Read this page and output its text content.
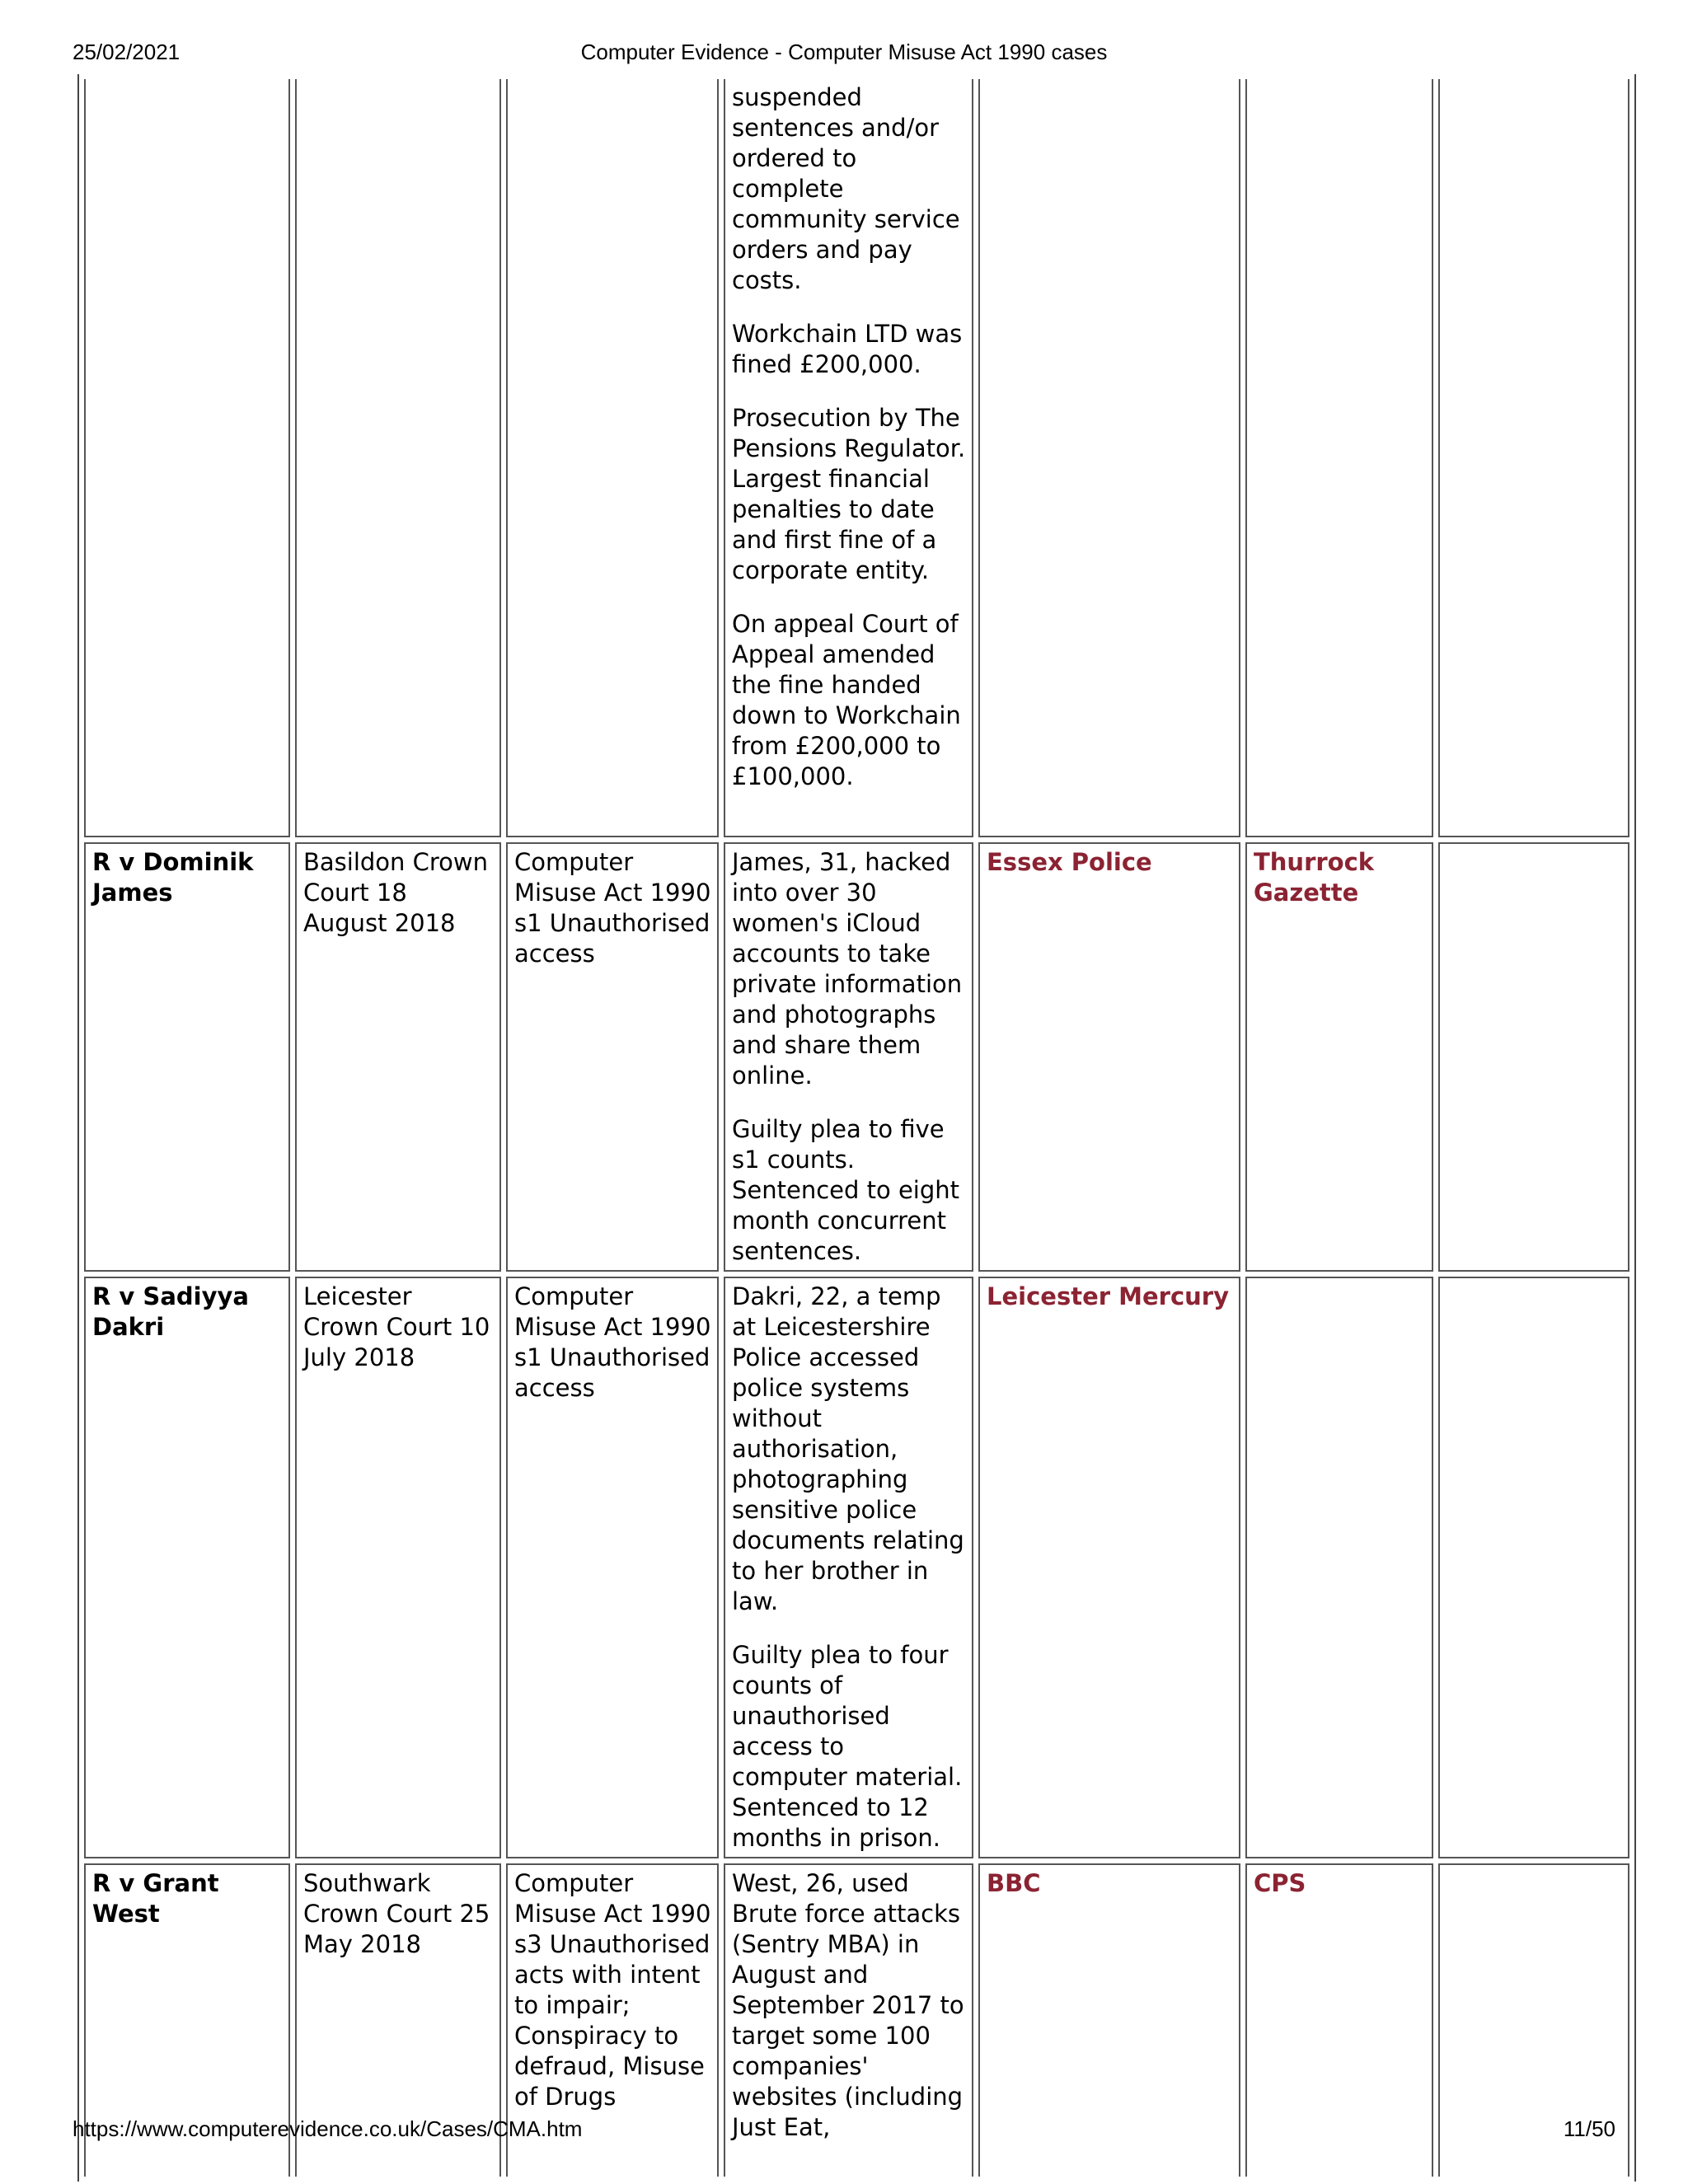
25/02/2021	Computer Evidence - Computer Misuse Act 1990 cases

			suspended sentences and/or ordered to complete community service orders and pay costs.

Workchain LTD was fined £200,000.

Prosecution by The Pensions Regulator. Largest financial penalties to date and first fine of a corporate entity.

On appeal Court of Appeal amended the fine handed down to Workchain from £200,000 to £100,000.			

R v Dominik James	Basildon Crown Court 18 August 2018	Computer Misuse Act 1990 s1 Unauthorised access	James, 31, hacked into over 30 women's iCloud accounts to take private information and photographs and share them online.

Guilty plea to five s1 counts. Sentenced to eight month concurrent sentences.	Essex Police	Thurrock Gazette	
R v Sadiyya Dakri	Leicester Crown Court 10 July 2018	Computer Misuse Act 1990 s1 Unauthorised access	Dakri, 22, a temp at Leicestershire Police accessed police systems without authorisation, photographing sensitive police documents relating to her brother in law.

Guilty plea to four counts of unauthorised access to computer material. Sentenced to 12 months in prison.	Leicester Mercury		
R v Grant West	Southwark Crown Court 25 May 2018	Computer Misuse Act 1990 s3 Unauthorised acts with intent to impair; Conspiracy to defraud, Misuse of Drugs	West, 26, used Brute force attacks (Sentry MBA) in August and September 2017 to target some 100 companies' websites (including Just Eat,	BBC	CPS	
https://www.computerevidence.co.uk/Cases/CMA.htm	11/50
